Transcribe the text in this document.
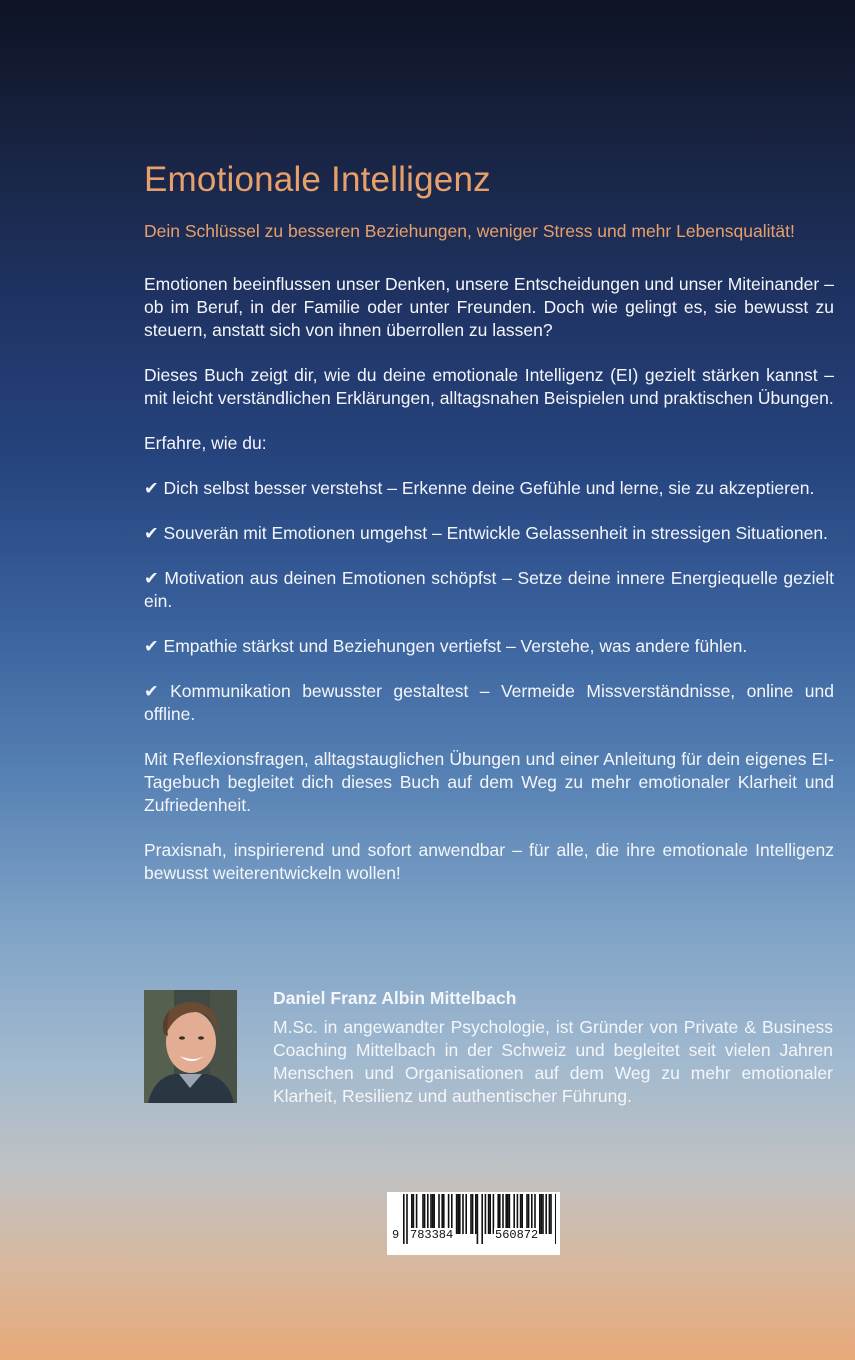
Emotionale Intelligenz

Dein Schlüssel zu besseren Beziehungen, weniger Stress und mehr Lebensqualität!

Emotionen beeinflussen unser Denken, unsere Entscheidungen und unser Miteinander – ob im Beruf, in der Familie oder unter Freunden. Doch wie gelingt es, sie bewusst zu steuern, anstatt sich von ihnen überrollen zu lassen?

Dieses Buch zeigt dir, wie du deine emotionale Intelligenz (EI) gezielt stärken kannst – mit leicht verständlichen Erklärungen, alltagsnahen Beispielen und praktischen Übungen.

Erfahre, wie du:

✔ Dich selbst besser verstehst – Erkenne deine Gefühle und lerne, sie zu akzeptieren.

✔ Souverän mit Emotionen umgehst – Entwickle Gelassenheit in stressigen Situationen.

✔ Motivation aus deinen Emotionen schöpfst – Setze deine innere Energiequelle gezielt ein.

✔ Empathie stärkst und Beziehungen vertiefst – Verstehe, was andere fühlen.

✔ Kommunikation bewusster gestaltest – Vermeide Missverständnisse, online und offline.

Mit Reflexionsfragen, alltagstauglichen Übungen und einer Anleitung für dein eigenes EI-Tagebuch begleitet dich dieses Buch auf dem Weg zu mehr emotionaler Klarheit und Zufriedenheit.

Praxisnah, inspirierend und sofort anwendbar – für alle, die ihre emotionale Intelligenz bewusst weiterentwickeln wollen!

Daniel Franz Albin Mittelbach

M.Sc. in angewandter Psychologie, ist Gründer von Private & Business Coaching Mittelbach in der Schweiz und begleitet seit vielen Jahren Menschen und Organisationen auf dem Weg zu mehr emotionaler Klarheit, Resilienz und authentischer Führung.

9 783384	560872
